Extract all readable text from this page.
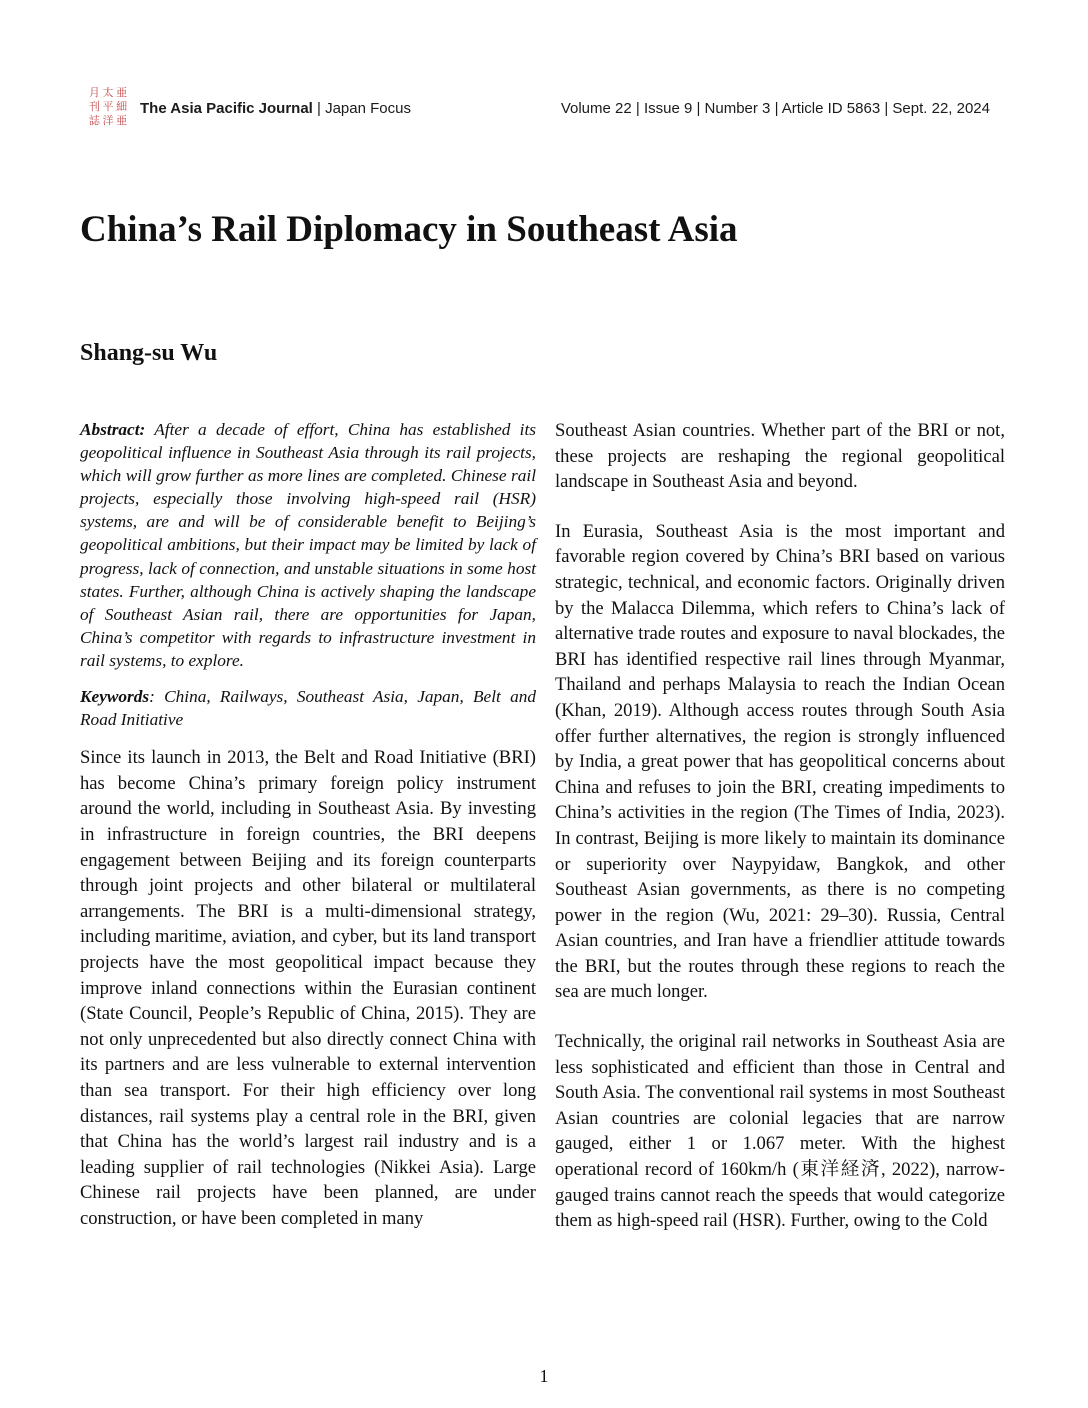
月 太 亜
刊 平 細
誌 洋 亜
The Asia Pacific Journal | Japan Focus	Volume 22 | Issue 9 | Number 3 | Article ID 5863 | Sept. 22, 2024
China’s Rail Diplomacy in Southeast Asia
Shang-su Wu

Abstract: After a decade of effort, China has established its geopolitical influence in Southeast Asia through its rail projects, which will grow further as more lines are completed. Chinese rail projects, especially those involving high-speed rail (HSR) systems, are and will be of considerable benefit to Beijing’s geopolitical ambitions, but their impact may be limited by lack of progress, lack of connection, and unstable situations in some host states. Further, although China is actively shaping the landscape of Southeast Asian rail, there are opportunities for Japan, China’s competitor with regards to infrastructure investment in rail systems, to explore.

Keywords: China, Railways, Southeast Asia, Japan, Belt and Road Initiative

Since its launch in 2013, the Belt and Road Initiative (BRI) has become China’s primary foreign policy instrument around the world, including in Southeast Asia. By investing in infrastructure in foreign countries, the BRI deepens engagement between Beijing and its foreign counterparts through joint projects and other bilateral or multilateral arrangements. The BRI is a multi-dimensional strategy, including maritime, aviation, and cyber, but its land transport projects have the most geopolitical impact because they improve inland connections within the Eurasian continent (State Council, People’s Republic of China, 2015). They are not only unprecedented but also directly connect China with its partners and are less vulnerable to external intervention than sea transport. For their high efficiency over long distances, rail systems play a central role in the BRI, given that China has the world’s largest rail industry and is a leading supplier of rail technologies (Nikkei Asia). Large Chinese rail projects have been planned, are under construction, or have been completed in many

Southeast Asian countries. Whether part of the BRI or not, these projects are reshaping the regional geopolitical landscape in Southeast Asia and beyond.

In Eurasia, Southeast Asia is the most important and favorable region covered by China’s BRI based on various strategic, technical, and economic factors. Originally driven by the Malacca Dilemma, which refers to China’s lack of alternative trade routes and exposure to naval blockades, the BRI has identified respective rail lines through Myanmar, Thailand and perhaps Malaysia to reach the Indian Ocean (Khan, 2019). Although access routes through South Asia offer further alternatives, the region is strongly influenced by India, a great power that has geopolitical concerns about China and refuses to join the BRI, creating impediments to China’s activities in the region (The Times of India, 2023). In contrast, Beijing is more likely to maintain its dominance or superiority over Naypyidaw, Bangkok, and other Southeast Asian governments, as there is no competing power in the region (Wu, 2021: 29–30). Russia, Central Asian countries, and Iran have a friendlier attitude towards the BRI, but the routes through these regions to reach the sea are much longer.

Technically, the original rail networks in Southeast Asia are less sophisticated and efficient than those in Central and South Asia. The conventional rail systems in most Southeast Asian countries are colonial legacies that are narrow gauged, either 1 or 1.067 meter. With the highest operational record of 160km/h (東洋経済, 2022), narrow-gauged trains cannot reach the speeds that would categorize them as high-speed rail (HSR). Further, owing to the Cold

1
